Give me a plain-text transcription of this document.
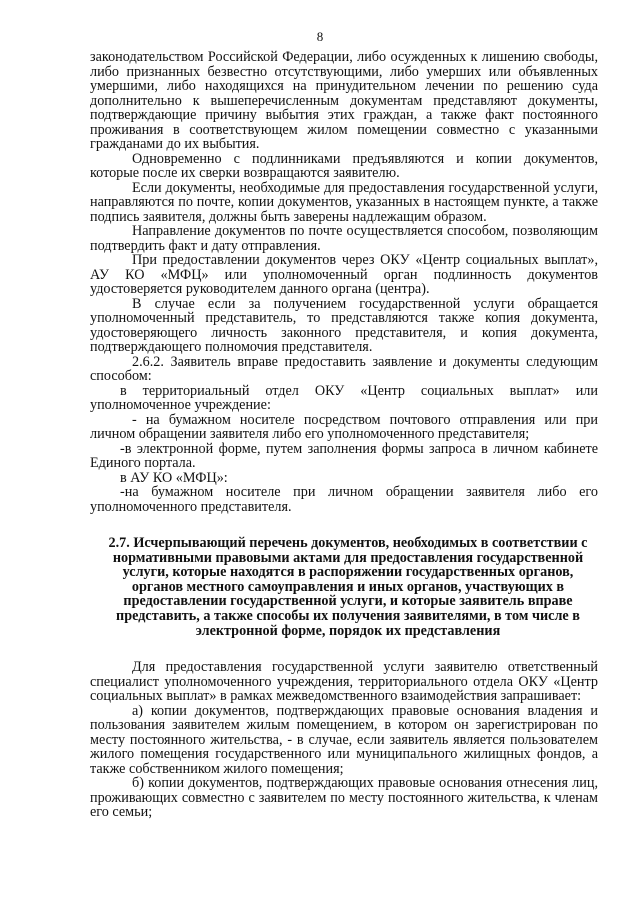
8

законодательством Российской Федерации, либо осужденных к лишению свободы, либо признанных безвестно отсутствующими, либо умерших или объявленных умершими, либо находящихся на принудительном лечении по решению суда дополнительно к вышеперечисленным документам представляют документы, подтверждающие причину выбытия этих граждан, а также факт постоянного проживания в соответствующем жилом помещении совместно с указанными гражданами до их выбытия.

Одновременно с подлинниками предъявляются и копии документов, которые после их сверки возвращаются заявителю.

Если документы, необходимые для предоставления государственной услуги, направляются по почте, копии документов, указанных в настоящем пункте, а также подпись заявителя, должны быть заверены надлежащим образом.

Направление документов по почте осуществляется способом, позволяющим подтвердить факт и дату отправления.

При предоставлении документов через ОКУ «Центр социальных выплат», АУ КО «МФЦ» или уполномоченный орган подлинность документов удостоверяется руководителем данного органа (центра).

В случае если за получением государственной услуги обращается уполномоченный представитель, то представляются также копия документа, удостоверяющего личность законного представителя, и копия документа, подтверждающего полномочия представителя.

2.6.2. Заявитель вправе предоставить заявление и документы следующим способом:

в территориальный отдел ОКУ «Центр социальных выплат» или уполномоченное учреждение:

- на бумажном носителе посредством почтового отправления или при личном обращении заявителя либо его уполномоченного представителя;

-в электронной форме, путем заполнения формы запроса в личном кабинете Единого портала.

в АУ КО «МФЦ»:

-на бумажном носителе при личном обращении заявителя либо его уполномоченного представителя.

2.7. Исчерпывающий перечень документов, необходимых в соответствии с нормативными правовыми актами для предоставления государственной услуги, которые находятся в распоряжении государственных органов, органов местного самоуправления и иных органов, участвующих в предоставлении государственной услуги, и которые заявитель вправе представить, а также способы их получения заявителями, в том числе в электронной форме, порядок их представления

Для предоставления государственной услуги заявителю ответственный специалист уполномоченного учреждения, территориального отдела ОКУ «Центр социальных выплат» в рамках межведомственного взаимодействия запрашивает:

а) копии документов, подтверждающих правовые основания владения и пользования заявителем жилым помещением, в котором он зарегистрирован по месту постоянного жительства, - в случае, если заявитель является пользователем жилого помещения государственного или муниципального жилищных фондов, а также собственником жилого помещения;

б) копии документов, подтверждающих правовые основания отнесения лиц, проживающих совместно с заявителем по месту постоянного жительства, к членам его семьи;
